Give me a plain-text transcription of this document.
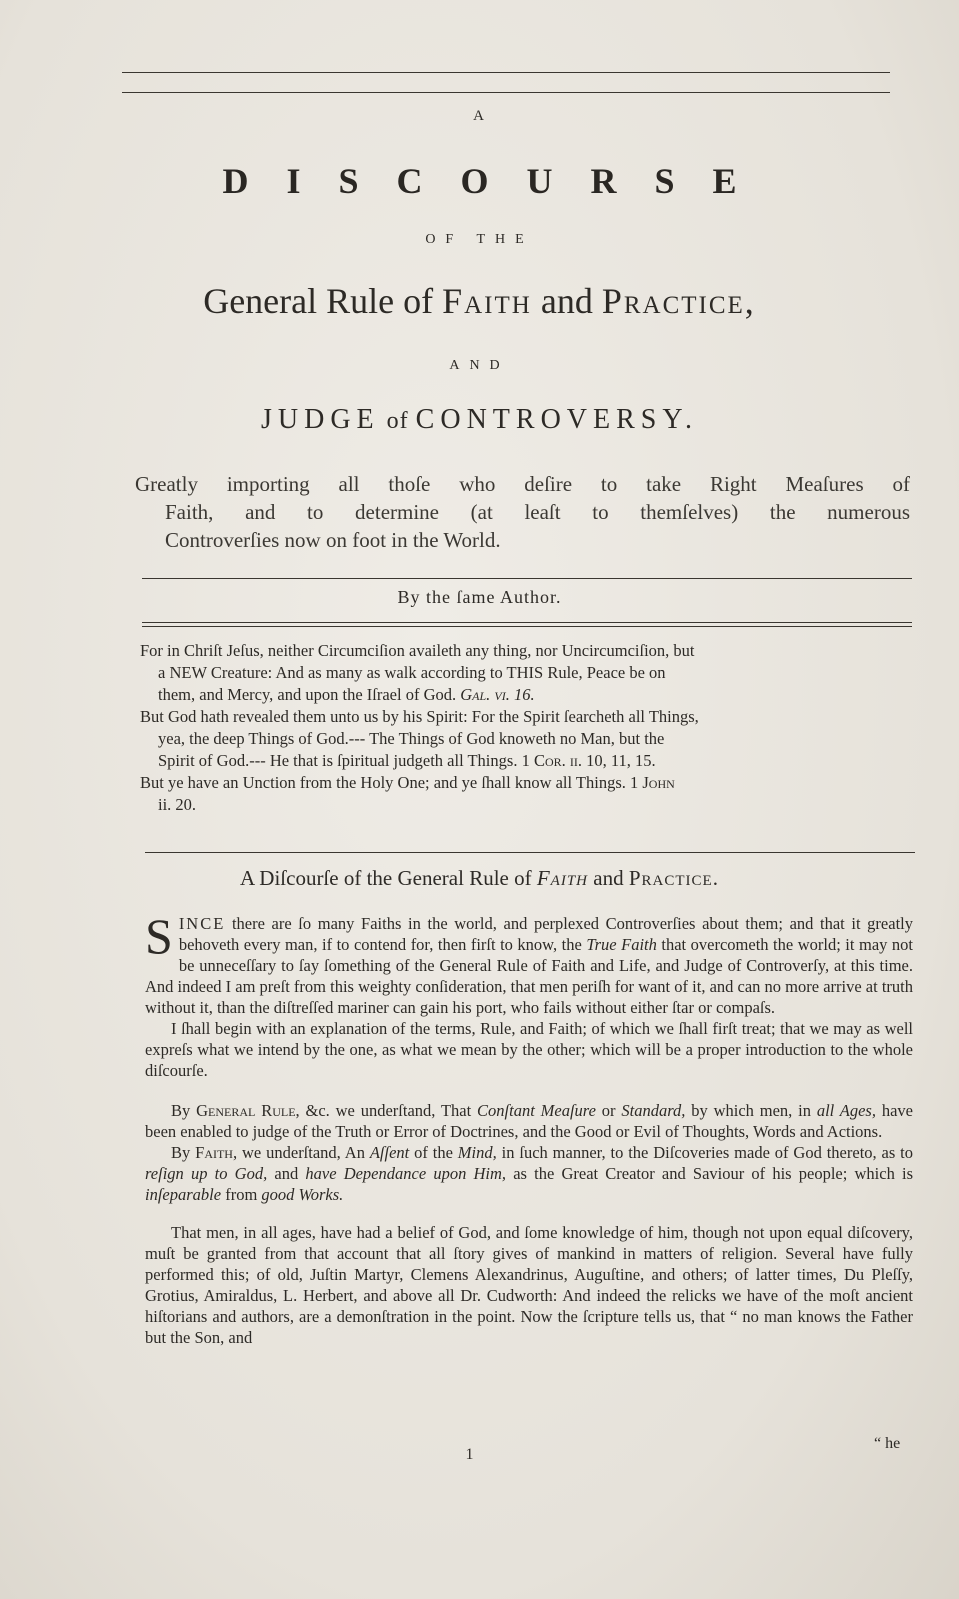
A
DISCOURSE
OF THE
General Rule of Faith and Practice,
AND
JUDGE of CONTROVERSY.
Greatly importing all thoſe who deſire to take Right Meaſures of
Faith, and to determine (at leaſt to themſelves) the numerous
Controverſies now on foot in the World.
By the ſame Author.
For in Chriſt Jeſus, neither Circumciſion availeth any thing, nor Uncircumciſion, but
a NEW Creature: And as many as walk according to THIS Rule, Peace be on
them, and Mercy, and upon the Iſrael of God. Gal. vi. 16.
But God hath revealed them unto us by his Spirit: For the Spirit ſearcheth all Things,
yea, the deep Things of God.--- The Things of God knoweth no Man, but the
Spirit of God.--- He that is ſpiritual judgeth all Things. 1 Cor. ii. 10, 11, 15.
But ye have an Unction from the Holy One; and ye ſhall know all Things. 1 John
ii. 20.
A Diſcourſe of the General Rule of Faith and Practice.

SINCE there are ſo many Faiths in the world, and perplexed Controverſies about them; and that it greatly behoveth every man, if to contend for, then firſt to know, the True Faith that overcometh the world; it may not be unneceſſary to ſay ſomething of the General Rule of Faith and Life, and Judge of Controverſy, at this time. And indeed I am preſt from this weighty conſideration, that men periſh for want of it, and can no more arrive at truth without it, than the diſtreſſed mariner can gain his port, who fails without either ſtar or compaſs.

I ſhall begin with an explanation of the terms, Rule, and Faith; of which we ſhall firſt treat; that we may as well expreſs what we intend by the one, as what we mean by the other; which will be a proper introduction to the whole diſcourſe.

By General Rule, &c. we underſtand, That Conſtant Meaſure or Standard, by which men, in all Ages, have been enabled to judge of the Truth or Error of Doctrines, and the Good or Evil of Thoughts, Words and Actions.

By Faith, we underſtand, An Aſſent of the Mind, in ſuch manner, to the Diſcoveries made of God thereto, as to reſign up to God, and have Dependance upon Him, as the Great Creator and Saviour of his people; which is inſeparable from good Works.

That men, in all ages, have had a belief of God, and ſome knowledge of him, though not upon equal diſcovery, muſt be granted from that account that all ſtory gives of mankind in matters of religion. Several have fully performed this; of old, Juſtin Martyr, Clemens Alexandrinus, Auguſtine, and others; of latter times, Du Pleſſy, Grotius, Amiraldus, L. Herbert, and above all Dr. Cudworth: And indeed the relicks we have of the moſt ancient hiſtorians and authors, are a demonſtration in the point. Now the ſcripture tells us, that “ no man knows the Father but the Son, and

1
“ he
